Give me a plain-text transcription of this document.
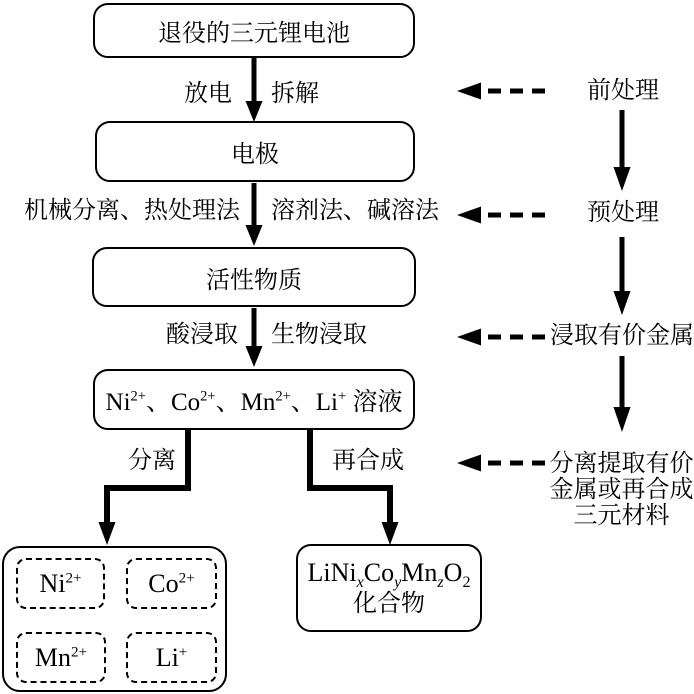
退役的三元锂电池
放电 拆解
电极
机械分离、热处理法 溶剂法、碱溶法
活性物质
酸浸取 生物浸取
$Ni^{2+}$、$Co^{2+}$、$Mn^{2+}$、Li+ 溶液
分离	再合成
$Ni^{2+}$	$Co^{2+}$
$Mn^{2+}$	Li+
$LiNi_xCo_yMn_zO_2$
化合物
前处理
预处理
浸取有价金属
分离提取有价
金属或再合成
三元材料
